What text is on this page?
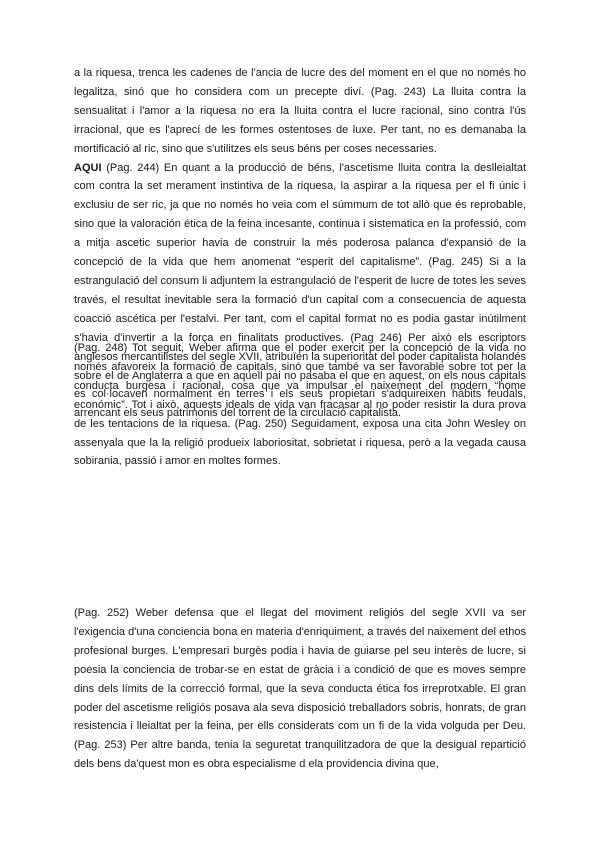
a la riquesa, trenca les cadenes de l'ancia de lucre des del moment en el que no només ho legalitza, sinó que ho considera com un precepte diví. (Pag. 243) La lluita contra la sensualitat i l'amor a la riquesa no era la lluita contra el lucre racional, sino contra l'ús irracional, que es l'aprecí de les formes ostentoses de luxe. Per tant, no es demanaba la mortificació al ric, sino que s'utilitzes els seus béns per coses necessaries.
AQUI (Pag. 244) En quant a la producció de béns, l'ascetisme lluita contra la deslleialtat com contra la set merament instintiva de la riquesa, la aspirar a la riquesa per el fi únic i exclusiu de ser ric, ja que no només ho veia com el súmmum de tot allò que és reprobable, sino que la valoración ética de la feina incesante, continua i sistematica en la professió, com a mitja ascetic superior havia de construir la més poderosa palanca d'expansió de la concepció de la vida que hem anomenat “esperit del capitalisme”. (Pag. 245) Si a la estrangulació del consum li adjuntem la estrangulació de l'esperit de lucre de totes les seves través, el resultat inevitable sera la formació d'un capital com a consecuencia de aquesta coacció ascética per l'estalvi. Per tant, com el capital format no es podia gastar inútilment s'havia d'invertir a la força en finalitats productives. (Pag 246) Per això els escriptors anglesos mercantilistes del segle XVII, atribuïen la superioritat del poder capitalista holandés sobre el de Anglaterra a que en aquell pai no pasaba el que en aquest, on els nous capitals es col·locaven normalment en terres i els seus propietari s'adquireixen hàbits feudals, arrencant els seus patrimonis del torrent de la circulació capitalista.

(Pag. 248) Tot seguit, Weber afirma que el poder exercit per la concepció de la vida no només afavoreix la formació de capitals, sinó que també va ser favorable sobre tot per la conducta burgesa i racional, cosa que va impulsar el naixement del modern “home económic”. Tot i això, aquests ideals de vida van fracasar al no poder resistir la dura prova de les tentacions de la riquesa. (Pag. 250) Seguidament, exposa una cita John Wesley on assenyala que la la religió produeix laboriositat, sobrietat i riquesa, però a la vegada causa sobirania, passió i amor en moltes formes.

(Pag. 252) Weber defensa que el llegat del moviment religiós del segle XVII va ser l'exigencia d'una conciencia bona en materia d'enriquiment, a través del naixement del ethos profesional burges. L'empresari burgès podia i havia de guiarse pel seu interès de lucre, si poesia la conciencia de trobar-se en estat de gràcia i a condició de que es moves sempre dins dels límits de la correcció formal, que la seva conducta ética fos irreprotxable. El gran poder del ascetisme religiós posava ala seva disposició treballadors sobris, honrats, de gran resistencia i lleialtat per la feina, per ells considerats com un fi de la vida volguda per Deu. (Pag. 253) Per altre banda, tenia la seguretat tranquilitzadora de que la desigual repartició dels bens da'quest mon es obra especialisme d ela providencia divina que,
